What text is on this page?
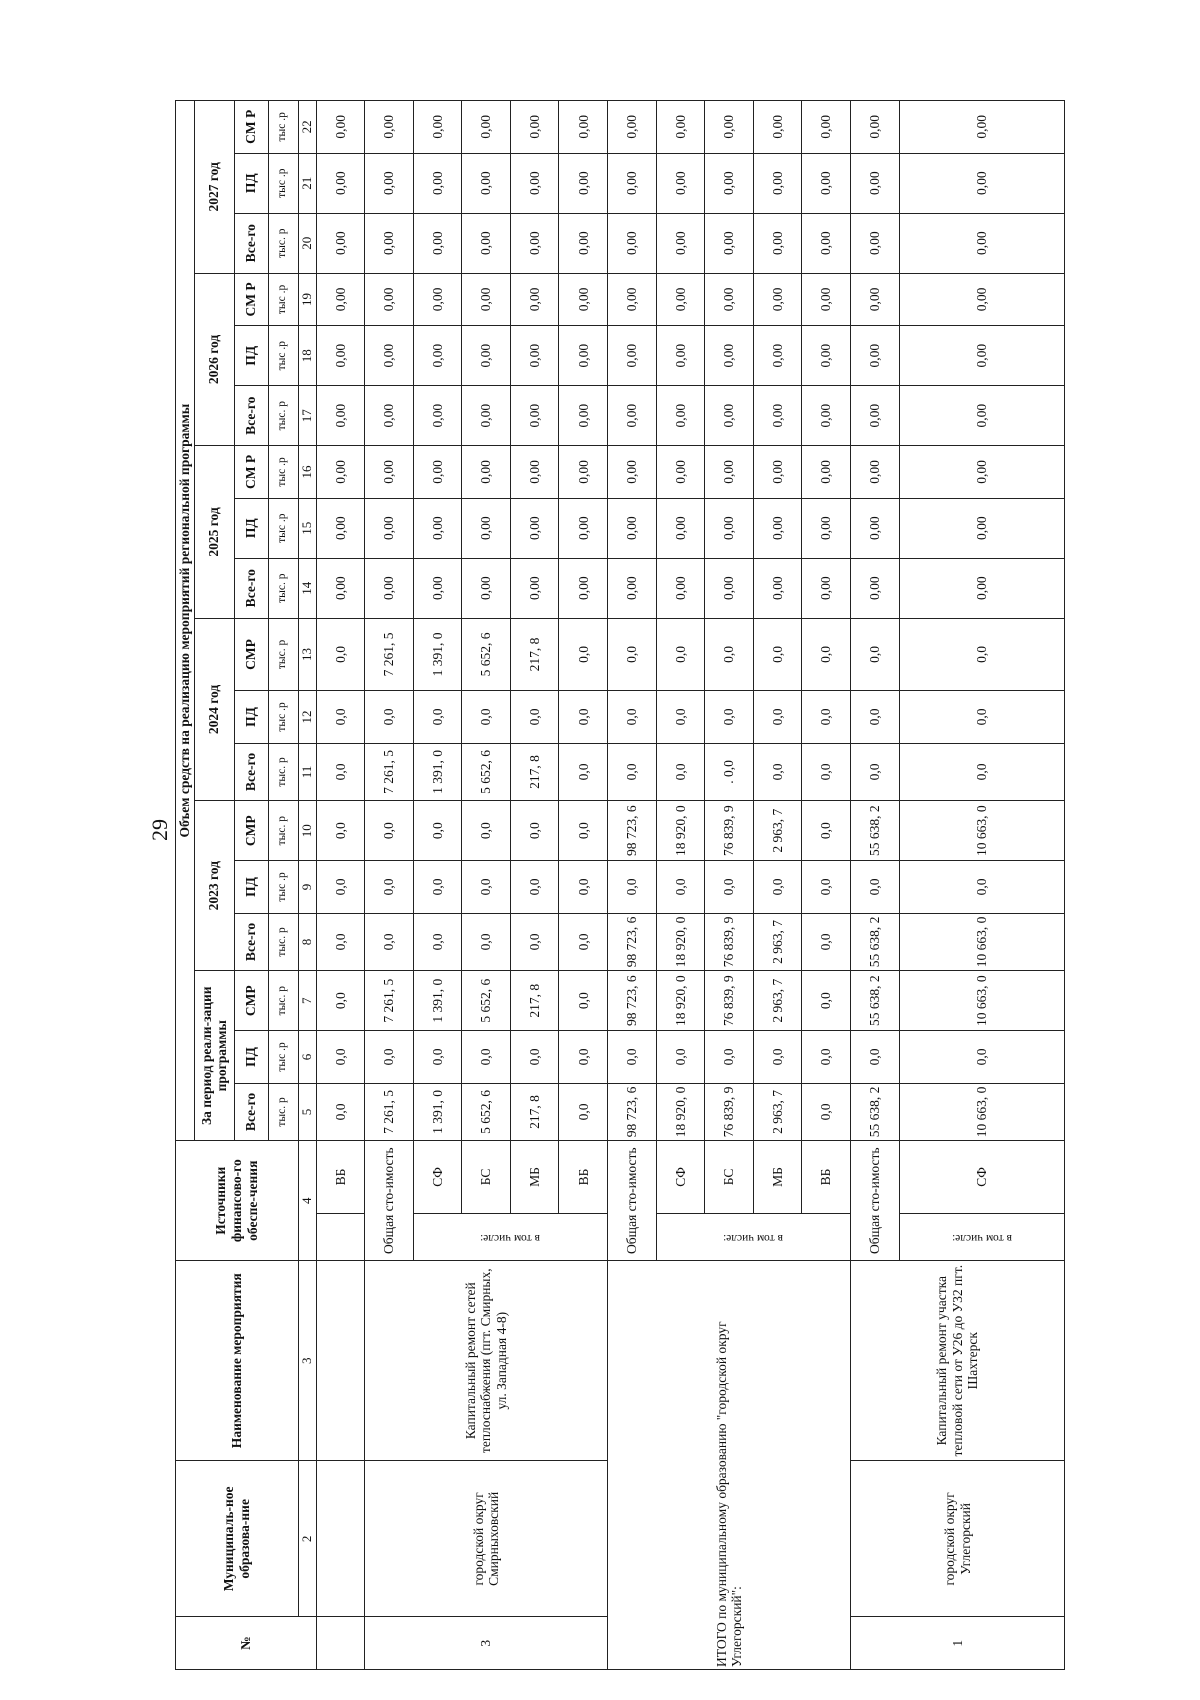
29
№	Муниципаль-ное образова-ние	Наименование мероприятия	Источники финансово-го обеспе-чения		Объем средств на реализацию мероприятий региональной программы																	
					За период реали-зации программы			2023 год			2024 год			2025 год			2026 год			2027 год		
					Все-го	ПД	СМР	Все-го	ПД	СМР	Все-го	ПД	СМР	Все-го	ПД	СМ Р	Все-го	ПД	СМ Р	Все-го	ПД	СМ Р
					тыс. р	тыс .р	тыс. р	тыс. р	тыс .р	тыс. р	тыс. р	тыс .р	тыс. р	тыс. р	тыс .р	тыс .р	тыс. р	тыс .р	тыс .р	тыс. р	тыс .р	тыс .р
	2	3	4		5	6	7	8	9	10	11	12	13	14	15	16	17	18	19	20	21	22
				ВБ	0,0	0,0	0,0	0,0	0,0	0,0	0,0	0,0	0,0	0,00	0,00	0,00	0,00	0,00	0,00	0,00	0,00	0,00
3	городской округ Смирныховский	Капитальный ремонт сетей теплоснабжения (пгт. Смирных, ул. Западная 4-8)	Общая сто-имость		7 261, 5	0,0	7 261, 5	0,0	0,0	0,0	7 261, 5	0,0	7 261, 5	0,00	0,00	0,00	0,00	0,00	0,00	0,00	0,00	0,00

			в том числе:	СФ	1 391, 0	0,0	1 391, 0	0,0	0,0	0,0	1 391, 0	0,0	1 391, 0	0,00	0,00	0,00	0,00	0,00	0,00	0,00	0,00	0,00
				БС	5 652, 6	0,0	5 652, 6	0,0	0,0	0,0	5 652, 6	0,0	5 652, 6	0,00	0,00	0,00	0,00	0,00	0,00	0,00	0,00	0,00
				МБ	217, 8	0,0	217, 8	0,0	0,0	0,0	217, 8	0,0	217, 8	0,00	0,00	0,00	0,00	0,00	0,00	0,00	0,00	0,00
				ВБ	0,0	0,0	0,0	0,0	0,0	0,0	0,0	0,0	0,0	0,00	0,00	0,00	0,00	0,00	0,00	0,00	0,00	0,00
ИТОГО по муниципальному образованию "городской округ Углегорский":			Общая сто-имость		98 723, 6	0,0	98 723, 6	98 723, 6	0,0	98 723, 6	0,0	0,0	0,0	0,00	0,00	0,00	0,00	0,00	0,00	0,00	0,00	0,00

			в том числе:	СФ	18 920, 0	0,0	18 920, 0	18 920, 0	0,0	18 920, 0	0,0	0,0	0,0	0,00	0,00	0,00	0,00	0,00	0,00	0,00	0,00	0,00
				БС	76 839, 9	0,0	76 839, 9	76 839, 9	0,0	76 839, 9	. 0,0	0,0	0,0	0,00	0,00	0,00	0,00	0,00	0,00	0,00	0,00	0,00
				МБ	2 963, 7	0,0	2 963, 7	2 963, 7	0,0	2 963, 7	0,0	0,0	0,0	0,00	0,00	0,00	0,00	0,00	0,00	0,00	0,00	0,00
				ВБ	0,0	0,0	0,0	0,0	0,0	0,0	0,0	0,0	0,0	0,00	0,00	0,00	0,00	0,00	0,00	0,00	0,00	0,00
1	городской округ Углегорский	Капитальный ремонт участка тепловой сети от У26 до У32 пгт. Шахтерск	Общая сто-имость		55 638, 2	0,0	55 638, 2	55 638, 2	0,0	55 638, 2	0,0	0,0	0,0	0,00	0,00	0,00	0,00	0,00	0,00	0,00	0,00	0,00

			в том числе:	СФ	10 663, 0	0,0	10 663, 0	10 663, 0	0,0	10 663, 0	0,0	0,0	0,0	0,00	0,00	0,00	0,00	0,00	0,00	0,00	0,00	0,00
